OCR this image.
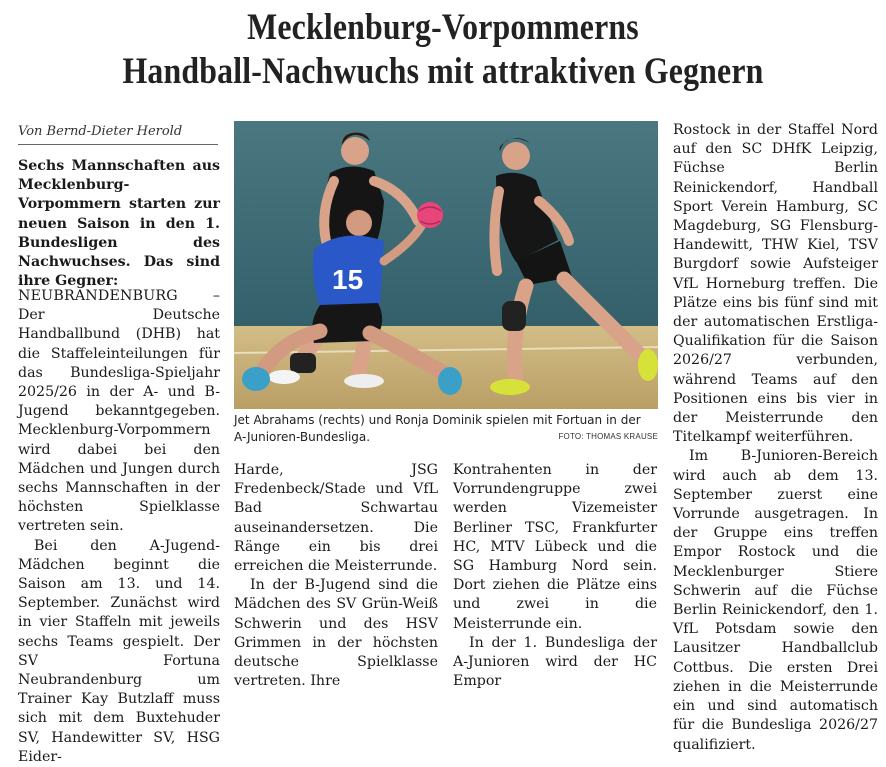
Mecklenburg-Vorpommerns
Handball-Nachwuchs mit attraktiven Gegnern
Von Bernd-Dieter Herold
Sechs Mannschaften aus Mecklenburg-Vorpommern starten zur neuen Saison in den 1. Bundesligen des Nachwuchses. Das sind ihre Gegner:

NEUBRANDENBURG – Der Deutsche Handballbund (DHB) hat die Staffeleinteilungen für das Bundesliga-Spieljahr 2025/26 in der A- und B-Jugend bekanntgegeben. Mecklenburg-Vorpommern wird dabei bei den Mädchen und Jungen durch sechs Mannschaften in der höchsten Spielklasse vertreten sein.

Bei den A-Jugend-Mädchen beginnt die Saison am 13. und 14. September. Zunächst wird in vier Staffeln mit jeweils sechs Teams gespielt. Der SV Fortuna Neubrandenburg um Trainer Kay Butzlaff muss sich mit dem Buxtehuder SV, Handewitter SV, HSG Eider-

Harde, JSG Fredenbeck/Stade und VfL Bad Schwartau auseinandersetzen. Die Ränge ein bis drei erreichen die Meisterrunde.

In der B-Jugend sind die Mädchen des SV Grün-Weiß Schwerin und des HSV Grimmen in der höchsten deutsche Spielklasse vertreten. Ihre

Kontrahenten in der Vorrundengruppe zwei werden Vizemeister Berliner TSC, Frankfurter HC, MTV Lübeck und die SG Hamburg Nord sein. Dort ziehen die Plätze eins und zwei in die Meisterrunde ein.

In der 1. Bundesliga der A-Junioren wird der HC Empor

Rostock in der Staffel Nord auf den SC DHfK Leipzig, Füchse Berlin Reinickendorf, Handball Sport Verein Hamburg, SC Magdeburg, SG Flensburg-Handewitt, THW Kiel, TSV Burgdorf sowie Aufsteiger VfL Horneburg treffen. Die Plätze eins bis fünf sind mit der automatischen Erstliga-Qualifikation für die Saison 2026/27 verbunden, während Teams auf den Positionen eins bis vier in der Meisterrunde den Titelkampf weiterführen.

Im B-Junioren-Bereich wird auch ab dem 13. September zuerst eine Vorrunde ausgetragen. In der Gruppe eins treffen Empor Rostock und die Mecklenburger Stiere Schwerin auf die Füchse Berlin Reinickendorf, den 1. VfL Potsdam sowie den Lausitzer Handballclub Cottbus. Die ersten Drei ziehen in die Meisterrunde ein und sind automatisch für die Bundesliga 2026/27 qualifiziert.

15
Jet Abrahams (rechts) und Ronja Dominik spielen mit Fortuan in der A-Junioren-Bundesliga.	FOTO: THOMAS KRAUSE
